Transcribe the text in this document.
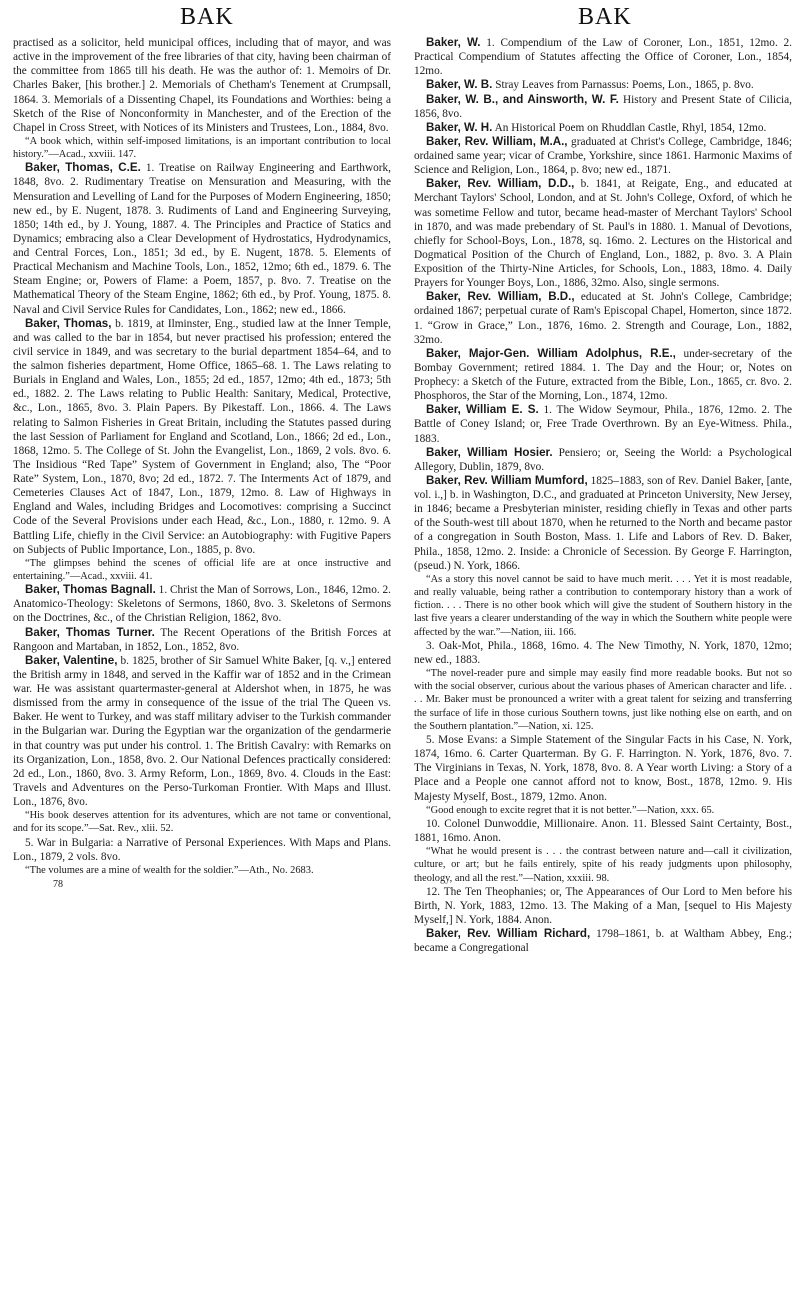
BAK	BAK

practised as a solicitor, held municipal offices, including that of mayor, and was active in the improvement of the free libraries of that city, having been chairman of the committee from 1865 till his death. He was the author of: 1. Memoirs of Dr. Charles Baker, [his brother.] 2. Memorials of Chetham's Tenement at Crumpsall, 1864. 3. Memorials of a Dissenting Chapel, its Foundations and Worthies: being a Sketch of the Rise of Nonconformity in Manchester, and of the Erection of the Chapel in Cross Street, with Notices of its Ministers and Trustees, Lon., 1884, 8vo.

“A book which, within self-imposed limitations, is an important contribution to local history.”—Acad., xxviii. 147.

Baker, Thomas, C.E. 1. Treatise on Railway Engineering and Earthwork, 1848, 8vo. 2. Rudimentary Treatise on Mensuration and Measuring, with the Mensuration and Levelling of Land for the Purposes of Modern Engineering, 1850; new ed., by E. Nugent, 1878. 3. Rudiments of Land and Engineering Surveying, 1850; 14th ed., by J. Young, 1887. 4. The Principles and Practice of Statics and Dynamics; embracing also a Clear Development of Hydrostatics, Hydrodynamics, and Central Forces, Lon., 1851; 3d ed., by E. Nugent, 1878. 5. Elements of Practical Mechanism and Machine Tools, Lon., 1852, 12mo; 6th ed., 1879. 6. The Steam Engine; or, Powers of Flame: a Poem, 1857, p. 8vo. 7. Treatise on the Mathematical Theory of the Steam Engine, 1862; 6th ed., by Prof. Young, 1875. 8. Naval and Civil Service Rules for Candidates, Lon., 1862; new ed., 1866.

Baker, Thomas, b. 1819, at Ilminster, Eng., studied law at the Inner Temple, and was called to the bar in 1854, but never practised his profession; entered the civil service in 1849, and was secretary to the burial department 1854–64, and to the salmon fisheries department, Home Office, 1865–68. 1. The Laws relating to Burials in England and Wales, Lon., 1855; 2d ed., 1857, 12mo; 4th ed., 1873; 5th ed., 1882. 2. The Laws relating to Public Health: Sanitary, Medical, Protective, &c., Lon., 1865, 8vo. 3. Plain Papers. By Pikestaff. Lon., 1866. 4. The Laws relating to Salmon Fisheries in Great Britain, including the Statutes passed during the last Session of Parliament for England and Scotland, Lon., 1866; 2d ed., Lon., 1868, 12mo. 5. The College of St. John the Evangelist, Lon., 1869, 2 vols. 8vo. 6. The Insidious “Red Tape” System of Government in England; also, The “Poor Rate” System, Lon., 1870, 8vo; 2d ed., 1872. 7. The Interments Act of 1879, and Cemeteries Clauses Act of 1847, Lon., 1879, 12mo. 8. Law of Highways in England and Wales, including Bridges and Locomotives: comprising a Succinct Code of the Several Provisions under each Head, &c., Lon., 1880, r. 12mo. 9. A Battling Life, chiefly in the Civil Service: an Autobiography: with Fugitive Papers on Subjects of Public Importance, Lon., 1885, p. 8vo.

“The glimpses behind the scenes of official life are at once instructive and entertaining.”—Acad., xxviii. 41.

Baker, Thomas Bagnall. 1. Christ the Man of Sorrows, Lon., 1846, 12mo. 2. Anatomico-Theology: Skeletons of Sermons, 1860, 8vo. 3. Skeletons of Sermons on the Doctrines, &c., of the Christian Religion, 1862, 8vo.

Baker, Thomas Turner. The Recent Operations of the British Forces at Rangoon and Martaban, in 1852, Lon., 1852, 8vo.

Baker, Valentine, b. 1825, brother of Sir Samuel White Baker, [q. v.,] entered the British army in 1848, and served in the Kaffir war of 1852 and in the Crimean war. He was assistant quartermaster-general at Aldershot when, in 1875, he was dismissed from the army in consequence of the issue of the trial The Queen vs. Baker. He went to Turkey, and was staff military adviser to the Turkish commander in the Bulgarian war. During the Egyptian war the organization of the gendarmerie in that country was put under his control. 1. The British Cavalry: with Remarks on its Organization, Lon., 1858, 8vo. 2. Our National Defences practically considered: 2d ed., Lon., 1860, 8vo. 3. Army Reform, Lon., 1869, 8vo. 4. Clouds in the East: Travels and Adventures on the Perso-Turkoman Frontier. With Maps and Illust. Lon., 1876, 8vo.

“His book deserves attention for its adventures, which are not tame or conventional, and for its scope.”—Sat. Rev., xlii. 52.

5. War in Bulgaria: a Narrative of Personal Experiences. With Maps and Plans. Lon., 1879, 2 vols. 8vo.

“The volumes are a mine of wealth for the soldier.”—Ath., No. 2683.

78

Baker, W. 1. Compendium of the Law of Coroner, Lon., 1851, 12mo. 2. Practical Compendium of Statutes affecting the Office of Coroner, Lon., 1854, 12mo.

Baker, W. B. Stray Leaves from Parnassus: Poems, Lon., 1865, p. 8vo.

Baker, W. B., and Ainsworth, W. F. History and Present State of Cilicia, 1856, 8vo.

Baker, W. H. An Historical Poem on Rhuddlan Castle, Rhyl, 1854, 12mo.

Baker, Rev. William, M.A., graduated at Christ's College, Cambridge, 1846; ordained same year; vicar of Crambe, Yorkshire, since 1861. Harmonic Maxims of Science and Religion, Lon., 1864, p. 8vo; new ed., 1871.

Baker, Rev. William, D.D., b. 1841, at Reigate, Eng., and educated at Merchant Taylors' School, London, and at St. John's College, Oxford, of which he was sometime Fellow and tutor, became head-master of Merchant Taylors' School in 1870, and was made prebendary of St. Paul's in 1880. 1. Manual of Devotions, chiefly for School-Boys, Lon., 1878, sq. 16mo. 2. Lectures on the Historical and Dogmatical Position of the Church of England, Lon., 1882, p. 8vo. 3. A Plain Exposition of the Thirty-Nine Articles, for Schools, Lon., 1883, 18mo. 4. Daily Prayers for Younger Boys, Lon., 1886, 32mo. Also, single sermons.

Baker, Rev. William, B.D., educated at St. John's College, Cambridge; ordained 1867; perpetual curate of Ram's Episcopal Chapel, Homerton, since 1872. 1. “Grow in Grace,” Lon., 1876, 16mo. 2. Strength and Courage, Lon., 1882, 32mo.

Baker, Major-Gen. William Adolphus, R.E., under-secretary of the Bombay Government; retired 1884. 1. The Day and the Hour; or, Notes on Prophecy: a Sketch of the Future, extracted from the Bible, Lon., 1865, cr. 8vo. 2. Phosphoros, the Star of the Morning, Lon., 1874, 12mo.

Baker, William E. S. 1. The Widow Seymour, Phila., 1876, 12mo. 2. The Battle of Coney Island; or, Free Trade Overthrown. By an Eye-Witness. Phila., 1883.

Baker, William Hosier. Pensiero; or, Seeing the World: a Psychological Allegory, Dublin, 1879, 8vo.

Baker, Rev. William Mumford, 1825–1883, son of Rev. Daniel Baker, [ante, vol. i.,] b. in Washington, D.C., and graduated at Princeton University, New Jersey, in 1846; became a Presbyterian minister, residing chiefly in Texas and other parts of the South-west till about 1870, when he returned to the North and became pastor of a congregation in South Boston, Mass. 1. Life and Labors of Rev. D. Baker, Phila., 1858, 12mo. 2. Inside: a Chronicle of Secession. By George F. Harrington, (pseud.) N. York, 1866.

“As a story this novel cannot be said to have much merit. . . . Yet it is most readable, and really valuable, being rather a contribution to contemporary history than a work of fiction. . . . There is no other book which will give the student of Southern history in the last five years a clearer understanding of the way in which the Southern white people were affected by the war.”—Nation, iii. 166.

3. Oak-Mot, Phila., 1868, 16mo. 4. The New Timothy, N. York, 1870, 12mo; new ed., 1883.

“The novel-reader pure and simple may easily find more readable books. But not so with the social observer, curious about the various phases of American character and life. . . . Mr. Baker must be pronounced a writer with a great talent for seizing and transferring the surface of life in those curious Southern towns, just like nothing else on earth, and on the Southern plantation.”—Nation, xi. 125.

5. Mose Evans: a Simple Statement of the Singular Facts in his Case, N. York, 1874, 16mo. 6. Carter Quarterman. By G. F. Harrington. N. York, 1876, 8vo. 7. The Virginians in Texas, N. York, 1878, 8vo. 8. A Year worth Living: a Story of a Place and a People one cannot afford not to know, Bost., 1878, 12mo. 9. His Majesty Myself, Bost., 1879, 12mo. Anon.

“Good enough to excite regret that it is not better.”—Nation, xxx. 65.

10. Colonel Dunwoddie, Millionaire. Anon. 11. Blessed Saint Certainty, Bost., 1881, 16mo. Anon.

“What he would present is . . . the contrast between nature and—call it civilization, culture, or art; but he fails entirely, spite of his ready judgments upon philosophy, theology, and all the rest.”—Nation, xxxiii. 98.

12. The Ten Theophanies; or, The Appearances of Our Lord to Men before his Birth, N. York, 1883, 12mo. 13. The Making of a Man, [sequel to His Majesty Myself,] N. York, 1884. Anon.

Baker, Rev. William Richard, 1798–1861, b. at Waltham Abbey, Eng.; became a Congregational
